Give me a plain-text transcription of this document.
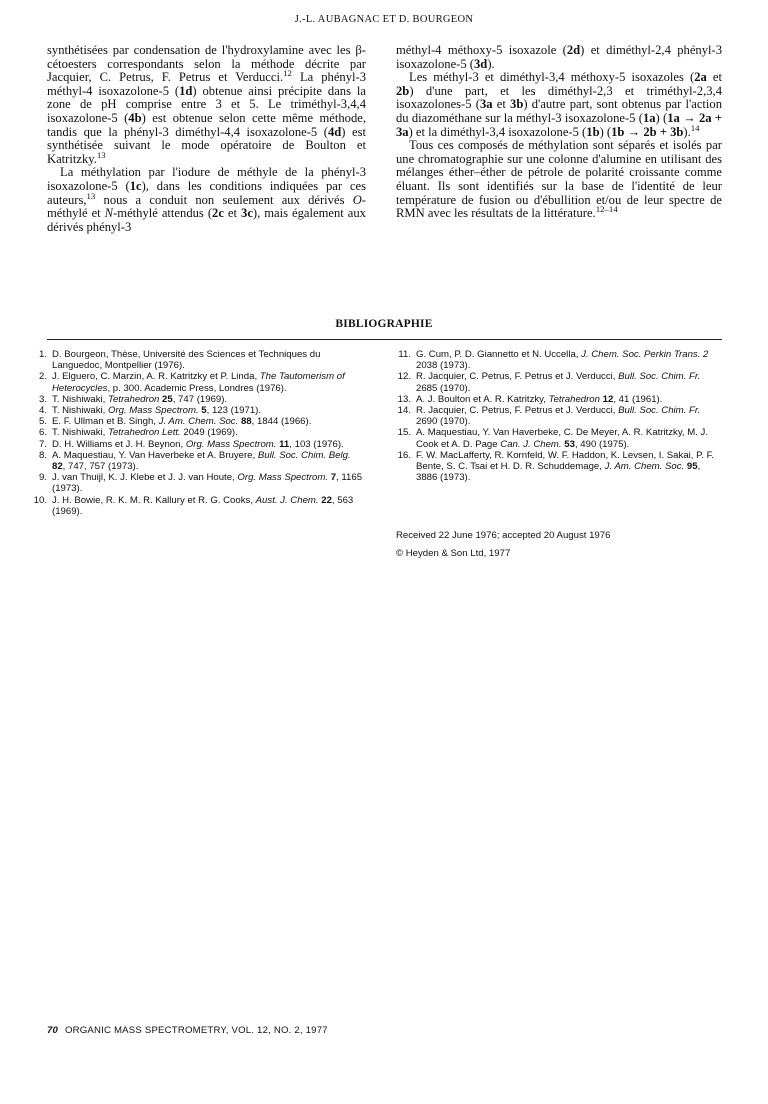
J.-L. AUBAGNAC ET D. BOURGEON

synthétisées par condensation de l'hydroxylamine avec les β-cétoesters correspondants selon la méthode décrite par Jacquier, C. Petrus, F. Petrus et Verducci.$^{12}$ La phényl-3 méthyl-4 isoxazolone-5 (1d) obtenue ainsi précipite dans la zone de pH comprise entre 3 et 5. Le triméthyl-3,4,4 isoxazolone-5 (4b) est obtenue selon cette même méthode, tandis que la phényl-3 diméthyl-4,4 isoxazolone-5 (4d) est synthétisée suivant le mode opératoire de Boulton et Katritzky.$^{13}$

La méthylation par l'iodure de méthyle de la phényl-3 isoxazolone-5 (1c), dans les conditions indiquées par ces auteurs,$^{13}$ nous a conduit non seulement aux dérivés O-méthylé et N-méthylé attendus (2c et 3c), mais également aux dérivés phényl-3

méthyl-4 méthoxy-5 isoxazole (2d) et diméthyl-2,4 phényl-3 isoxazolone-5 (3d).

Les méthyl-3 et diméthyl-3,4 méthoxy-5 isoxazoles (2a et 2b) d'une part, et les diméthyl-2,3 et triméthyl-2,3,4 isoxazolones-5 (3a et 3b) d'autre part, sont obtenus par l'action du diazométhane sur la méthyl-3 isoxazolone-5 (1a) (1a → 2a + 3a) et la diméthyl-3,4 isoxazolone-5 (1b) (1b → 2b + 3b).$^{14}$

Tous ces composés de méthylation sont séparés et isolés par une chromatographie sur une colonne d'alumine en utilisant des mélanges éther–éther de pétrole de polarité croissante comme éluant. Ils sont identifiés sur la base de l'identité de leur température de fusion ou d'ébullition et/ou de leur spectre de RMN avec les résultats de la littérature.$^{12-14}$

BIBLIOGRAPHIE

1. D. Bourgeon, Thèse, Université des Sciences et Techniques du Languedoc, Montpellier (1976).

2. J. Elguero, C. Marzin, A. R. Katritzky et P. Linda, The Tautomerism of Heterocycles, p. 300. Academic Press, Londres (1976).

3. T. Nishiwaki, Tetrahedron 25, 747 (1969).

4. T. Nishiwaki, Org. Mass Spectrom. 5, 123 (1971).

5. E. F. Ullman et B. Singh, J. Am. Chem. Soc. 88, 1844 (1966).

6. T. Nishiwaki, Tetrahedron Lett. 2049 (1969).

7. D. H. Williams et J. H. Beynon, Org. Mass Spectrom. 11, 103 (1976).

8. A. Maquestiau, Y. Van Haverbeke et A. Bruyere, Bull. Soc. Chim. Belg. 82, 747, 757 (1973).

9. J. van Thuijl, K. J. Klebe et J. J. van Houte, Org. Mass Spectrom. 7, 1165 (1973).

10. J. H. Bowie, R. K. M. R. Kallury et R. G. Cooks, Aust. J. Chem. 22, 563 (1969).

11. G. Cum, P. D. Giannetto et N. Uccella, J. Chem. Soc. Perkin Trans. 2 2038 (1973).

12. R. Jacquier, C. Petrus, F. Petrus et J. Verducci, Bull. Soc. Chim. Fr. 2685 (1970).

13. A. J. Boulton et A. R. Katritzky, Tetrahedron 12, 41 (1961).

14. R. Jacquier, C. Petrus, F. Petrus et J. Verducci, Bull. Soc. Chim. Fr. 2690 (1970).

15. A. Maquestiau, Y. Van Haverbeke, C. De Meyer, A. R. Katritzky, M. J. Cook et A. D. Page Can. J. Chem. 53, 490 (1975).

16. F. W. MacLafferty, R. Kornfeld, W. F. Haddon, K. Levsen, I. Sakai, P. F. Bente, S. C. Tsai et H. D. R. Schuddemage, J. Am. Chem. Soc. 95, 3886 (1973).

Received 22 June 1976; accepted 20 August 1976
© Heyden & Son Ltd, 1977
70 ORGANIC MASS SPECTROMETRY, VOL. 12, NO. 2, 1977
